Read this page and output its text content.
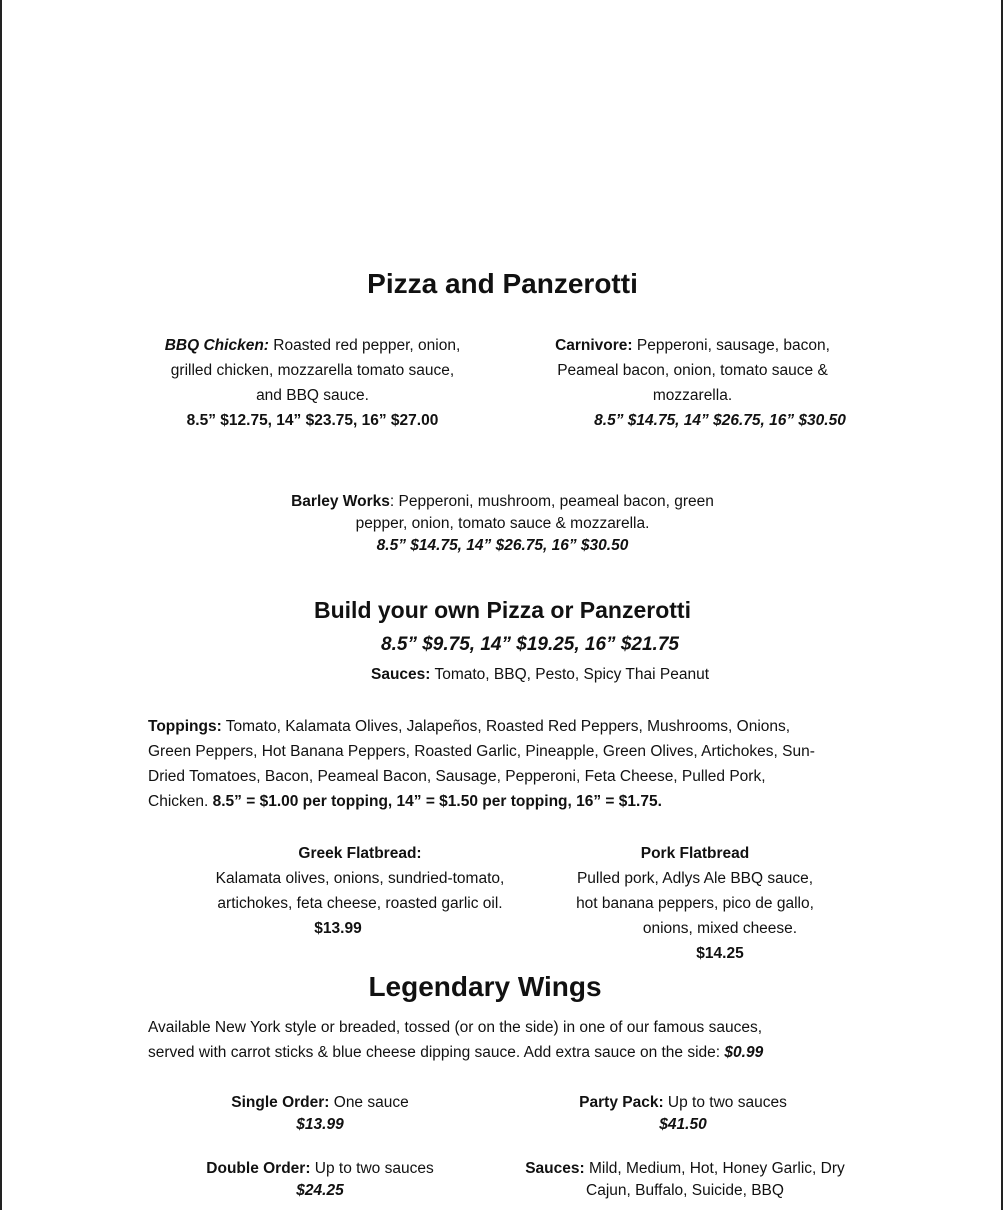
Pizza and Panzerotti
BBQ Chicken: Roasted red pepper, onion,
grilled chicken, mozzarella tomato sauce,
and BBQ sauce.
8.5” $12.75, 14” $23.75, 16” $27.00
Carnivore: Pepperoni, sausage, bacon,
Peameal bacon, onion, tomato sauce &
mozzarella.
8.5” $14.75, 14” $26.75, 16” $30.50
Barley Works: Pepperoni, mushroom, peameal bacon, green
pepper, onion, tomato sauce & mozzarella.
8.5” $14.75, 14” $26.75, 16” $30.50
Build your own Pizza or Panzerotti
8.5” $9.75, 14” $19.25, 16” $21.75
Sauces: Tomato, BBQ, Pesto, Spicy Thai Peanut
Toppings: Tomato, Kalamata Olives, Jalapeños, Roasted Red Peppers, Mushrooms, Onions,
Green Peppers, Hot Banana Peppers, Roasted Garlic, Pineapple, Green Olives, Artichokes, Sun-
Dried Tomatoes, Bacon, Peameal Bacon, Sausage, Pepperoni, Feta Cheese, Pulled Pork,
Chicken. 8.5” = $1.00 per topping, 14” = $1.50 per topping, 16” = $1.75.
Greek Flatbread:
Kalamata olives, onions, sundried-tomato,
artichokes, feta cheese, roasted garlic oil.
$13.99
Pork Flatbread
Pulled pork, Adlys Ale BBQ sauce,
hot banana peppers, pico de gallo,
onions, mixed cheese.
$14.25
Legendary Wings
Available New York style or breaded, tossed (or on the side) in one of our famous sauces,
served with carrot sticks & blue cheese dipping sauce. Add extra sauce on the side: $0.99
Single Order: One sauce
$13.99
Party Pack: Up to two sauces
$41.50
Double Order: Up to two sauces
$24.25
Sauces: Mild, Medium, Hot, Honey Garlic, Dry
Cajun, Buffalo, Suicide, BBQ
